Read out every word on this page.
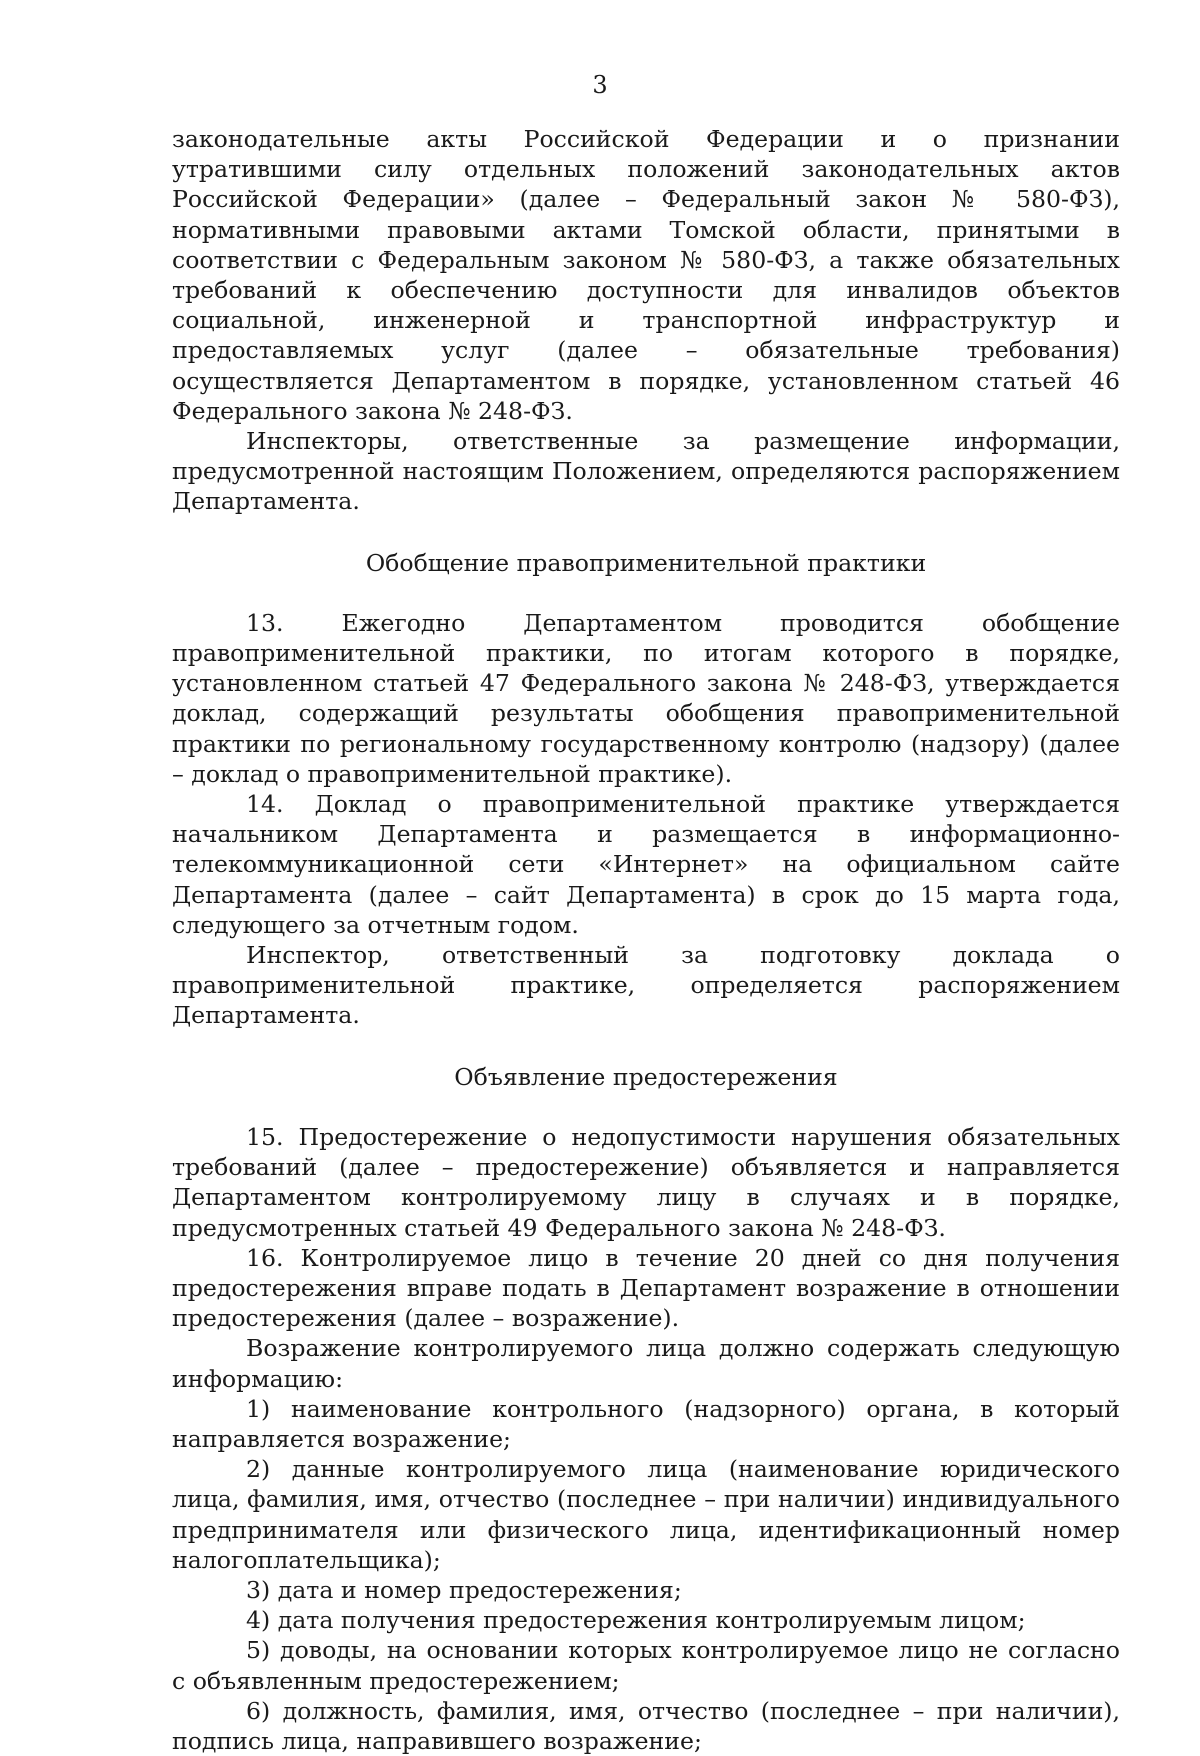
3

законодательные акты Российской Федерации и о признании утратившими силу отдельных положений законодательных актов Российской Федерации» (далее – Федеральный закон № 580-ФЗ), нормативными правовыми актами Томской области, принятыми в соответствии с Федеральным законом № 580-ФЗ, а также обязательных требований к обеспечению доступности для инвалидов объектов социальной, инженерной и транспортной инфраструктур и предоставляемых услуг (далее – обязательные требования) осуществляется Департаментом в порядке, установленном статьей 46 Федерального закона № 248-ФЗ.

Инспекторы, ответственные за размещение информации, предусмотренной настоящим Положением, определяются распоряжением Департамента.

Обобщение правоприменительной практики

13. Ежегодно Департаментом проводится обобщение правоприменительной практики, по итогам которого в порядке, установленном статьей 47 Федерального закона № 248-ФЗ, утверждается доклад, содержащий результаты обобщения правоприменительной практики по региональному государственному контролю (надзору) (далее – доклад о правоприменительной практике).

14. Доклад о правоприменительной практике утверждается начальником Департамента и размещается в информационно-телекоммуникационной сети «Интернет» на официальном сайте Департамента (далее – сайт Департамента) в срок до 15 марта года, следующего за отчетным годом.

Инспектор, ответственный за подготовку доклада о правоприменительной практике, определяется распоряжением Департамента.

Объявление предостережения

15. Предостережение о недопустимости нарушения обязательных требований (далее – предостережение) объявляется и направляется Департаментом контролируемому лицу в случаях и в порядке, предусмотренных статьей 49 Федерального закона № 248-ФЗ.

16. Контролируемое лицо в течение 20 дней со дня получения предостережения вправе подать в Департамент возражение в отношении предостережения (далее – возражение).

Возражение контролируемого лица должно содержать следующую информацию:

1) наименование контрольного (надзорного) органа, в который направляется возражение;

2) данные контролируемого лица (наименование юридического лица, фамилия, имя, отчество (последнее – при наличии) индивидуального предпринимателя или физического лица, идентификационный номер налогоплательщика);

3) дата и номер предостережения;

4) дата получения предостережения контролируемым лицом;

5) доводы, на основании которых контролируемое лицо не согласно с объявленным предостережением;

6) должность, фамилия, имя, отчество (последнее – при наличии), подпись лица, направившего возражение;
